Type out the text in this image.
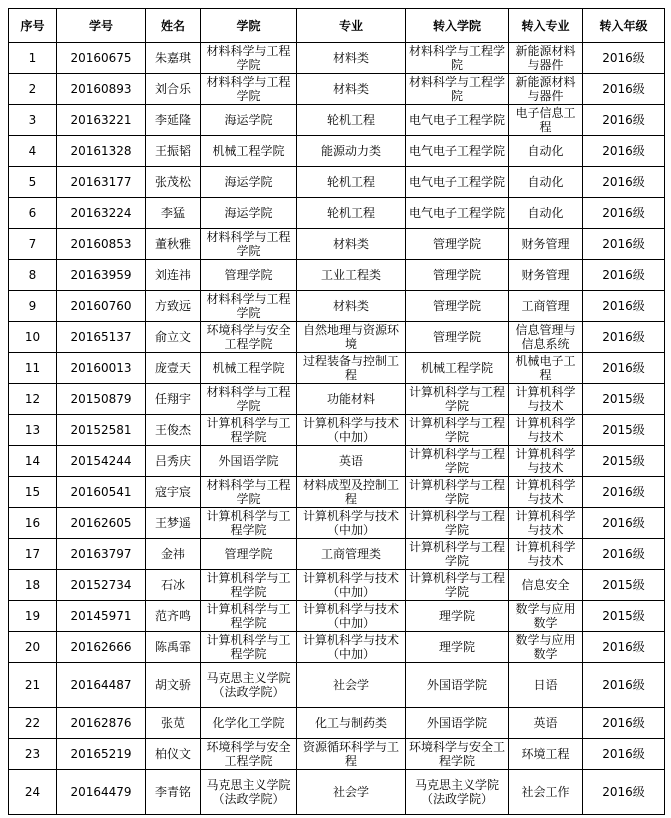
序号	学号	姓名	学院	专业	转入学院	转入专业	转入年级
1	20160675	朱嘉琪	材料科学与工程学院	材料类	材料科学与工程学院	新能源材料与器件	2016级
2	20160893	刘合乐	材料科学与工程学院	材料类	材料科学与工程学院	新能源材料与器件	2016级
3	20163221	李延隆	海运学院	轮机工程	电气电子工程学院	电子信息工程	2016级
4	20161328	王振韬	机械工程学院	能源动力类	电气电子工程学院	自动化	2016级
5	20163177	张茂松	海运学院	轮机工程	电气电子工程学院	自动化	2016级
6	20163224	李猛	海运学院	轮机工程	电气电子工程学院	自动化	2016级
7	20160853	董秋雅	材料科学与工程学院	材料类	管理学院	财务管理	2016级
8	20163959	刘连祎	管理学院	工业工程类	管理学院	财务管理	2016级
9	20160760	方致远	材料科学与工程学院	材料类	管理学院	工商管理	2016级
10	20165137	俞立文	环境科学与安全工程学院	自然地理与资源环境	管理学院	信息管理与信息系统	2016级
11	20160013	庞壹天	机械工程学院	过程装备与控制工程	机械工程学院	机械电子工程	2016级
12	20150879	任翔宇	材料科学与工程学院	功能材料	计算机科学与工程学院	计算机科学与技术	2015级
13	20152581	王俊杰	计算机科学与工程学院	计算机科学与技术（中加）	计算机科学与工程学院	计算机科学与技术	2015级
14	20154244	吕秀庆	外国语学院	英语	计算机科学与工程学院	计算机科学与技术	2015级
15	20160541	寇宇宸	材料科学与工程学院	材料成型及控制工程	计算机科学与工程学院	计算机科学与技术	2016级
16	20162605	王梦遥	计算机科学与工程学院	计算机科学与技术（中加）	计算机科学与工程学院	计算机科学与技术	2016级
17	20163797	金祎	管理学院	工商管理类	计算机科学与工程学院	计算机科学与技术	2016级
18	20152734	石冰	计算机科学与工程学院	计算机科学与技术（中加）	计算机科学与工程学院	信息安全	2015级
19	20145971	范齐鸣	计算机科学与工程学院	计算机科学与技术（中加）	理学院	数学与应用数学	2015级
20	20162666	陈禹霏	计算机科学与工程学院	计算机科学与技术（中加）	理学院	数学与应用数学	2016级
21	20164487	胡文骄	马克思主义学院（法政学院）	社会学	外国语学院	日语	2016级
22	20162876	张苋	化学化工学院	化工与制药类	外国语学院	英语	2016级
23	20165219	柏仪文	环境科学与安全工程学院	资源循环科学与工程	环境科学与安全工程学院	环境工程	2016级
24	20164479	李青铭	马克思主义学院（法政学院）	社会学	马克思主义学院（法政学院）	社会工作	2016级
